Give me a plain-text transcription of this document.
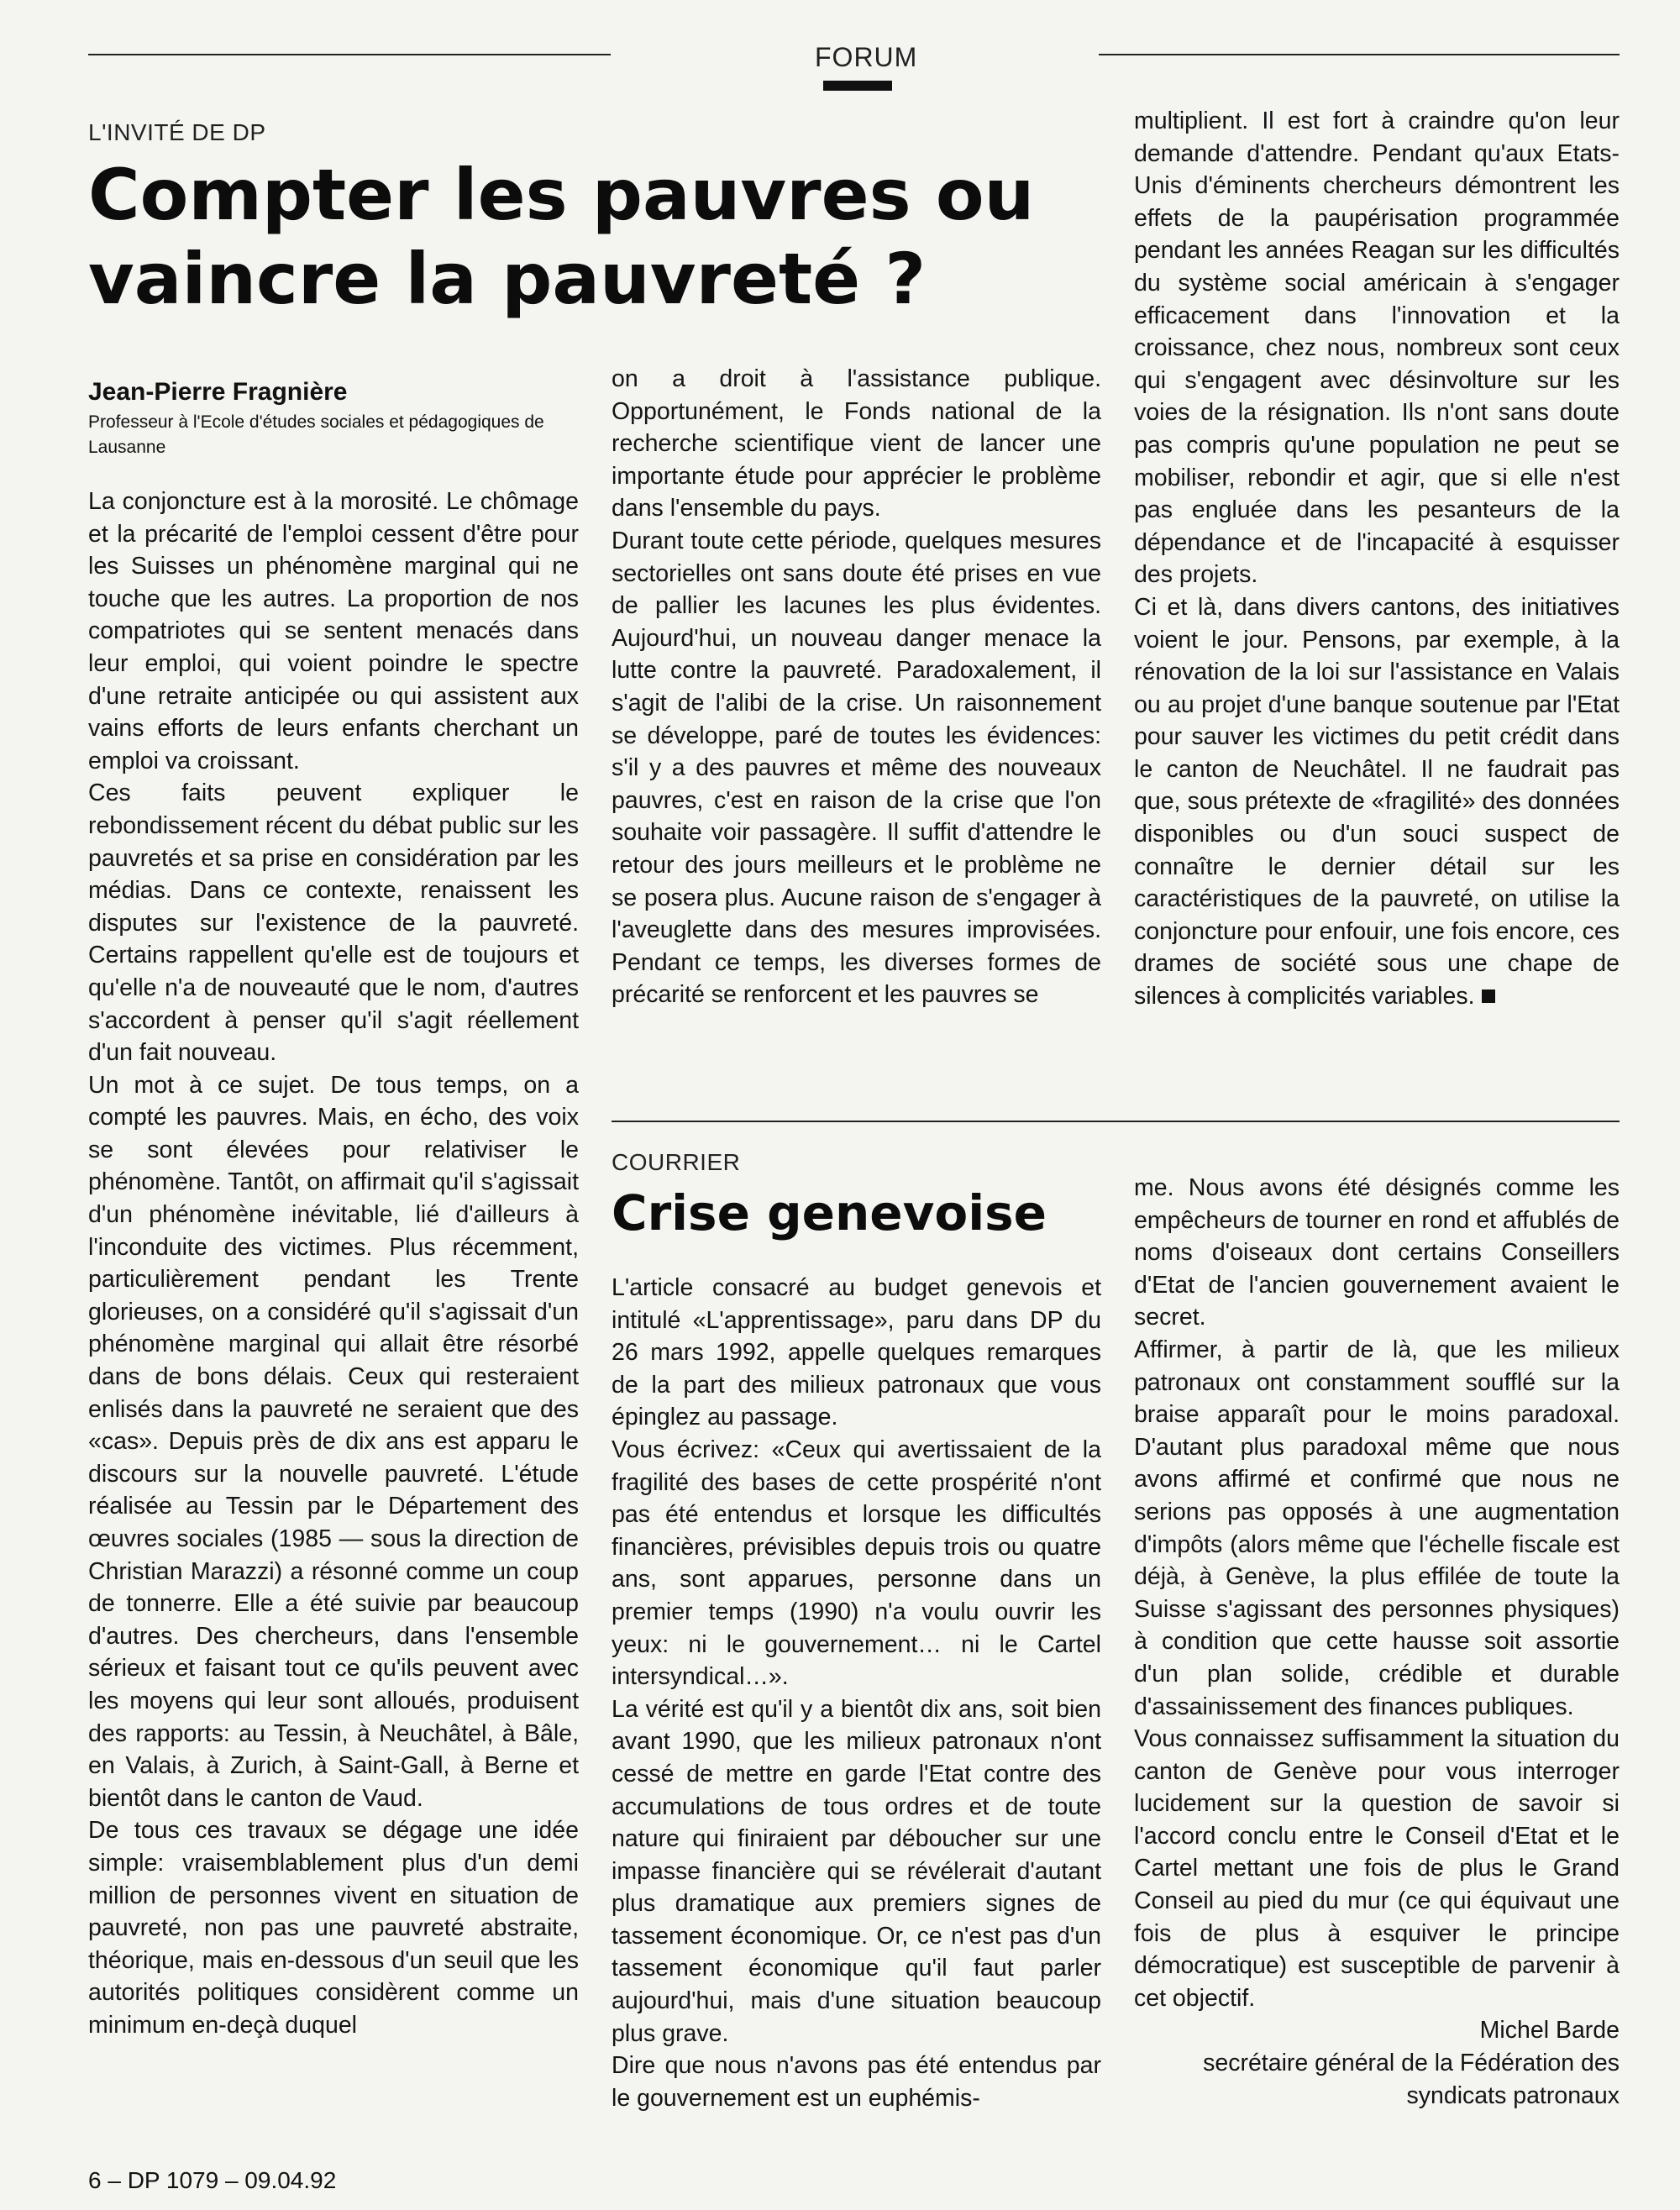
FORUM
L'INVITÉ DE DP
Compter les pauvres ou vaincre la pauvreté ?
Jean-Pierre Fragnière
Professeur à l'Ecole d'études sociales et pédagogiques de Lausanne

La conjoncture est à la morosité. Le chômage et la précarité de l'emploi cessent d'être pour les Suisses un phénomène marginal qui ne touche que les autres. La proportion de nos compatriotes qui se sentent menacés dans leur emploi, qui voient poindre le spectre d'une retraite anticipée ou qui assistent aux vains efforts de leurs enfants cherchant un emploi va croissant.

Ces faits peuvent expliquer le rebondissement récent du débat public sur les pauvretés et sa prise en considération par les médias. Dans ce contexte, renaissent les disputes sur l'existence de la pauvreté. Certains rappellent qu'elle est de toujours et qu'elle n'a de nouveauté que le nom, d'autres s'accordent à penser qu'il s'agit réellement d'un fait nouveau.

Un mot à ce sujet. De tous temps, on a compté les pauvres. Mais, en écho, des voix se sont élevées pour relativiser le phénomène. Tantôt, on affirmait qu'il s'agissait d'un phénomène inévitable, lié d'ailleurs à l'inconduite des victimes. Plus récemment, particulièrement pendant les Trente glorieuses, on a considéré qu'il s'agissait d'un phénomène marginal qui allait être résorbé dans de bons délais. Ceux qui resteraient enlisés dans la pauvreté ne seraient que des «cas». Depuis près de dix ans est apparu le discours sur la nouvelle pauvreté. L'étude réalisée au Tessin par le Département des œuvres sociales (1985 — sous la direction de Christian Marazzi) a résonné comme un coup de tonnerre. Elle a été suivie par beaucoup d'autres. Des chercheurs, dans l'ensemble sérieux et faisant tout ce qu'ils peuvent avec les moyens qui leur sont alloués, produisent des rapports: au Tessin, à Neuchâtel, à Bâle, en Valais, à Zurich, à Saint-Gall, à Berne et bientôt dans le canton de Vaud.

De tous ces travaux se dégage une idée simple: vraisemblablement plus d'un demi million de personnes vivent en situation de pauvreté, non pas une pauvreté abstraite, théorique, mais en-dessous d'un seuil que les autorités politiques considèrent comme un minimum en-deçà duquel

on a droit à l'assistance publique. Opportunément, le Fonds national de la recherche scientifique vient de lancer une importante étude pour apprécier le problème dans l'ensemble du pays.

Durant toute cette période, quelques mesures sectorielles ont sans doute été prises en vue de pallier les lacunes les plus évidentes. Aujourd'hui, un nouveau danger menace la lutte contre la pauvreté. Paradoxalement, il s'agit de l'alibi de la crise. Un raisonnement se développe, paré de toutes les évidences: s'il y a des pauvres et même des nouveaux pauvres, c'est en raison de la crise que l'on souhaite voir passagère. Il suffit d'attendre le retour des jours meilleurs et le problème ne se posera plus. Aucune raison de s'engager à l'aveuglette dans des mesures improvisées. Pendant ce temps, les diverses formes de précarité se renforcent et les pauvres se

multiplient. Il est fort à craindre qu'on leur demande d'attendre. Pendant qu'aux Etats-Unis d'éminents chercheurs démontrent les effets de la paupérisation programmée pendant les années Reagan sur les difficultés du système social américain à s'engager efficacement dans l'innovation et la croissance, chez nous, nombreux sont ceux qui s'engagent avec désinvolture sur les voies de la résignation. Ils n'ont sans doute pas compris qu'une population ne peut se mobiliser, rebondir et agir, que si elle n'est pas engluée dans les pesanteurs de la dépendance et de l'incapacité à esquisser des projets.

Ci et là, dans divers cantons, des initiatives voient le jour. Pensons, par exemple, à la rénovation de la loi sur l'assistance en Valais ou au projet d'une banque soutenue par l'Etat pour sauver les victimes du petit crédit dans le canton de Neuchâtel. Il ne faudrait pas que, sous prétexte de «fragilité» des données disponibles ou d'un souci suspect de connaître le dernier détail sur les caractéristiques de la pauvreté, on utilise la conjoncture pour enfouir, une fois encore, ces drames de société sous une chape de silences à complicités variables.

COURRIER
Crise genevoise

L'article consacré au budget genevois et intitulé «L'apprentissage», paru dans DP du 26 mars 1992, appelle quelques remarques de la part des milieux patronaux que vous épinglez au passage.

Vous écrivez: «Ceux qui avertissaient de la fragilité des bases de cette prospérité n'ont pas été entendus et lorsque les difficultés financières, prévisibles depuis trois ou quatre ans, sont apparues, personne dans un premier temps (1990) n'a voulu ouvrir les yeux: ni le gouvernement… ni le Cartel intersyndical…».

La vérité est qu'il y a bientôt dix ans, soit bien avant 1990, que les milieux patronaux n'ont cessé de mettre en garde l'Etat contre des accumulations de tous ordres et de toute nature qui finiraient par déboucher sur une impasse financière qui se révélerait d'autant plus dramatique aux premiers signes de tassement économique. Or, ce n'est pas d'un tassement économique qu'il faut parler aujourd'hui, mais d'une situation beaucoup plus grave.

Dire que nous n'avons pas été entendus par le gouvernement est un euphémis-

me. Nous avons été désignés comme les empêcheurs de tourner en rond et affublés de noms d'oiseaux dont certains Conseillers d'Etat de l'ancien gouvernement avaient le secret.

Affirmer, à partir de là, que les milieux patronaux ont constamment soufflé sur la braise apparaît pour le moins paradoxal. D'autant plus paradoxal même que nous avons affirmé et confirmé que nous ne serions pas opposés à une augmentation d'impôts (alors même que l'échelle fiscale est déjà, à Genève, la plus effilée de toute la Suisse s'agissant des personnes physiques) à condition que cette hausse soit assortie d'un plan solide, crédible et durable d'assainissement des finances publiques.

Vous connaissez suffisamment la situation du canton de Genève pour vous interroger lucidement sur la question de savoir si l'accord conclu entre le Conseil d'Etat et le Cartel mettant une fois de plus le Grand Conseil au pied du mur (ce qui équivaut une fois de plus à esquiver le principe démocratique) est susceptible de parvenir à cet objectif.

Michel Barde

secrétaire général de la Fédération des

syndicats patronaux

6 – DP 1079 – 09.04.92
